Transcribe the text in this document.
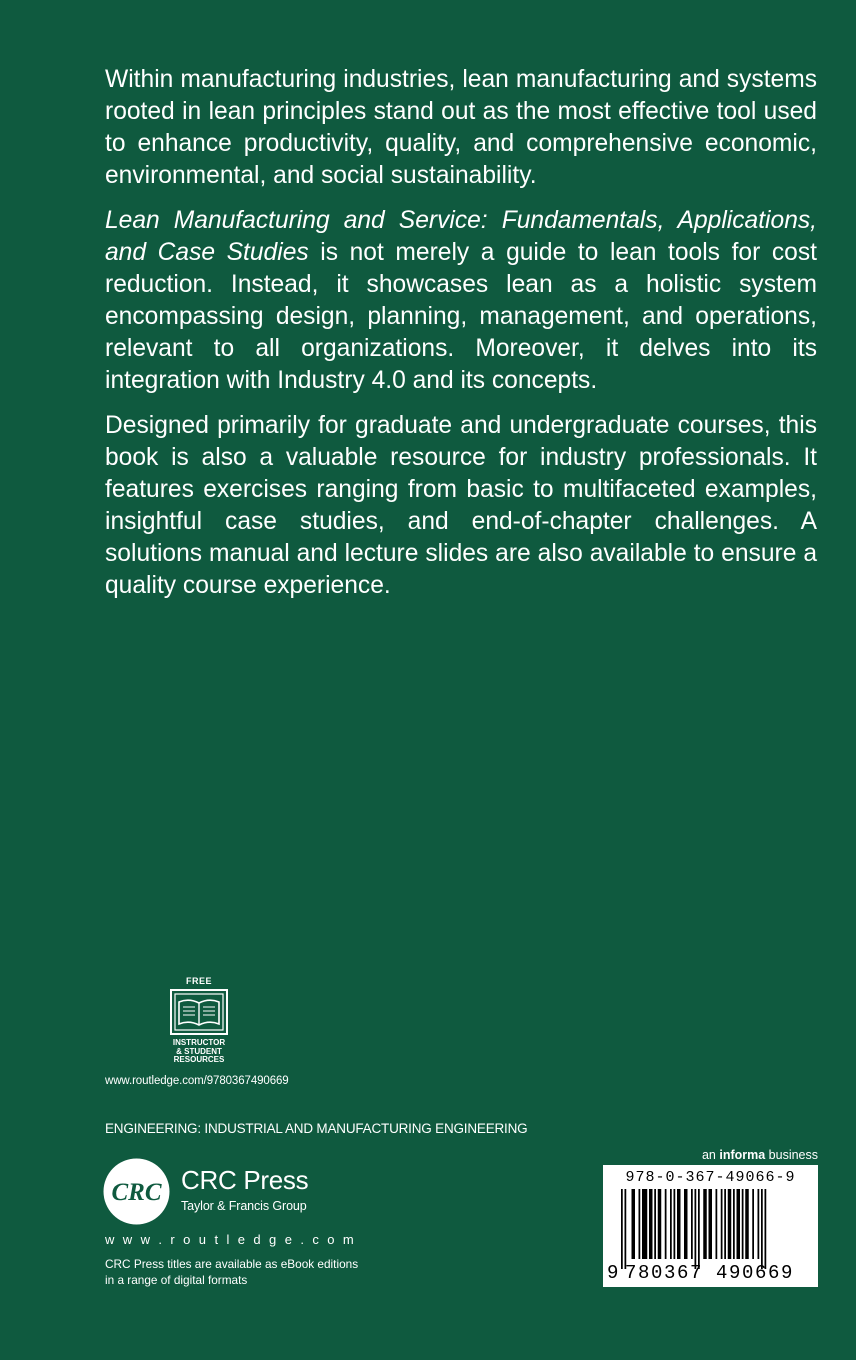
Within manufacturing industries, lean manufacturing and systems rooted in lean principles stand out as the most effective tool used to enhance productivity, quality, and comprehensive economic, environmental, and social sustainability.

Lean Manufacturing and Service: Fundamentals, Applications, and Case Studies is not merely a guide to lean tools for cost reduction. Instead, it showcases lean as a holistic system encompassing design, planning, management, and operations, relevant to all organizations. Moreover, it delves into its integration with Industry 4.0 and its concepts.

Designed primarily for graduate and undergraduate courses, this book is also a valuable resource for industry professionals. It features exercises ranging from basic to multifaceted examples, insightful case studies, and end-of-chapter challenges. A solutions manual and lecture slides are also available to ensure a quality course experience.

FREE
INSTRUCTOR
& STUDENT
RESOURCES
www.routledge.com/9780367490669
ENGINEERING: INDUSTRIAL AND MANUFACTURING ENGINEERING
CRC CRC Press
Taylor & Francis Group
w w w . r o u t l e d g e . c o m
CRC Press titles are available as eBook editions in a range of digital formats
an informa business
978-0-367-49066-9
9 780367 490669
